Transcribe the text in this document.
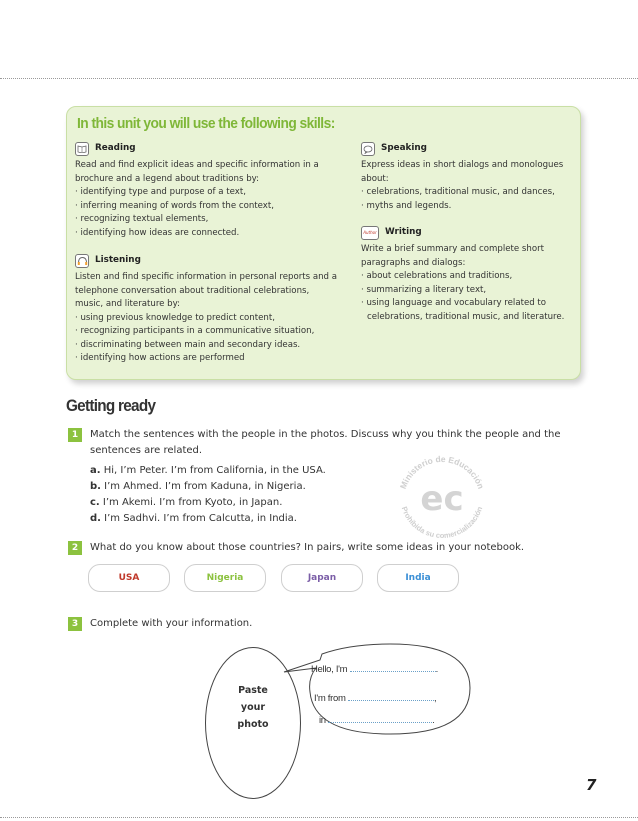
In this unit you will use the following skills:
Reading

Read and find explicit ideas and specific information in a brochure and a legend about traditions by:

· identifying type and purpose of a text,
· inferring meaning of words from the context,
· recognizing textual elements,
· identifying how ideas are connected.
Listening

Listen and find specific information in personal reports and a telephone conversation about traditional celebrations, music, and literature by:

· using previous knowledge to predict content,
· recognizing participants in a communicative situation,
· discriminating between main and secondary ideas.
· identifying how actions are performed
Speaking

Express ideas in short dialogs and monologues about:

· celebrations, traditional music, and dances,
· myths and legends.
Author Writing

Write a brief summary and complete short paragraphs and dialogs:

· about celebrations and traditions,
· summarizing a literary text,
· using language and vocabulary related to
celebrations, traditional music, and literature.
Getting ready
1	Match the sentences with the people in the photos. Discuss why you think the people and the
sentences are related.
a. Hi, I’m Peter. I’m from California, in the USA.
b. I’m Ahmed. I’m from Kaduna, in Nigeria.
c. I’m Akemi. I’m from Kyoto, in Japan.
d. I’m Sadhvi. I’m from Calcutta, in India.
Ministerio de Educación
Prohibida su comercialización
ec
2	What do you know about those countries? In pairs, write some ideas in your notebook.
USA	Nigeria	Japan	India
3	Complete with your information.
Paste
your
photo
Hello, I'm	.
I'm from	,
in	.
7
